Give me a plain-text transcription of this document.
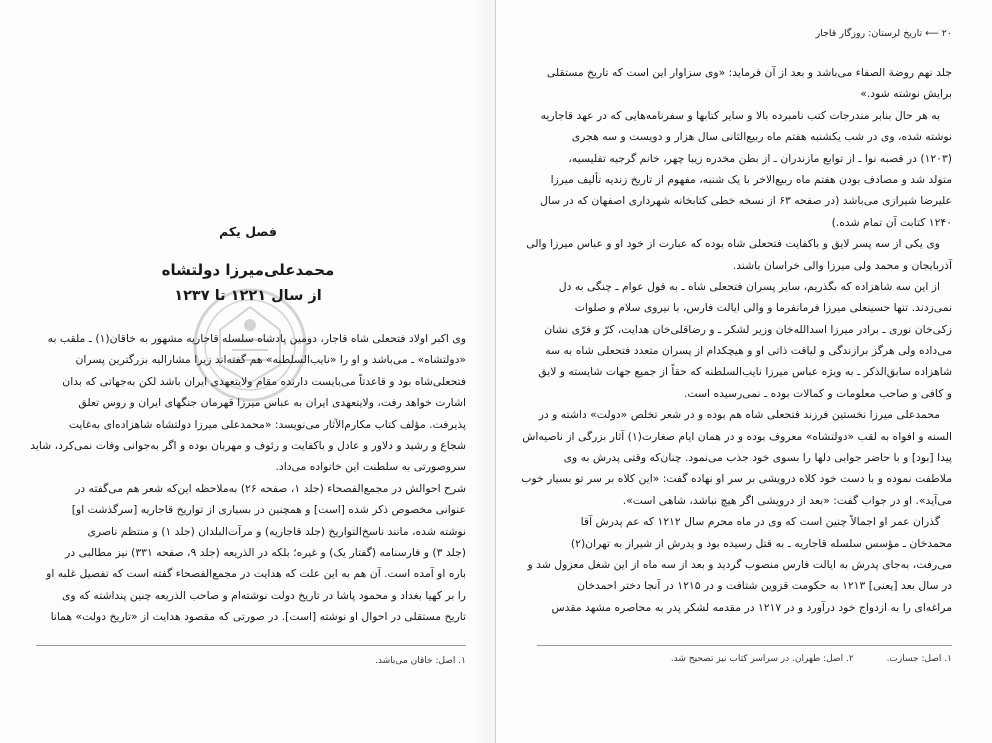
فصل یکم
محمدعلی‌میرزا دولتشاه
از سال ۱۲۲۱ تا ۱۲۳۷
وی اکبر اولاد فتحعلی شاه قاجار، دومین پادشاه سلسله قاجاریه مشهور به خاقان(۱) ـ ملقب به
«دولتشاه» ـ می‌باشد و او را «نایب‌السلطنه» هم گفته‌اند زیرا مشارالیه بزرگترین پسران
فتحعلی‌شاه بود و قاعدتاً می‌بایست دارنده مقام ولایتعهدی ایران باشد لکن به‌جهاتی که بدان
اشارت خواهد رفت، ولایتعهدی ایران به عباس میرزا قهرمان جنگهای ایران و روس تعلق
پذیرفت. مؤلف کتاب مکارم‌الآثار می‌نویسد: «محمدعلی میرزا دولتشاه شاهزاده‌ای به‌غایت
شجاع و رشید و دلاور و عادل و باکفایت و رئوف و مهربان بوده و اگر به‌جوانی وفات نمی‌کرد، شاید
سروصورتی به سلطنت این خانواده می‌داد.
شرح احوالش در مجمع‌الفصحاء (جلد ۱، صفحه ۲۶) به‌ملاحظه این‌که شعر هم می‌گفته در
عنوانی مخصوص ذکر شده [است] و همچنین در بسیاری از تواریخ قاجاریه [سرگذشت او]
نوشته شده، مانند ناسخ‌التواریخ (جلد قاجاریه) و مرآت‌البلدان (جلد ۱) و منتظم ناصری
(جلد ۳) و فارسنامه (گفتار یک) و غیره؛ بلکه در الذریعه (جلد ۹، صفحه ۳۳۱) نیز مطالبی در
باره او آمده است. آن هم به این علت که هدایت در مجمع‌الفصحاء گفته است که تفصیل غلبه او
را بر کهیا بغداد و محمود پاشا در تاریخ دولت نوشته‌ام و صاحب الذریعه چنین پنداشته که وی
تاریخ مستقلی در احوال او نوشته [است]. در صورتی که مقصود هدایت از «تاریخ دولت» همانا
۱. اصل: خاقان می‌باشد.
۲۰ ⟵ تاریخ لرستان: روزگار قاجار
جلد نهم روضة الصفاء می‌باشد و بعد از آن فرماید: «وی سزاوار این است که تاریخ مستقلی
برایش نوشته شود.»
به هر حال بنابر مندرجات کتب نامبرده بالا و سایر کتابها و سفرنامه‌هایی که در عهد قاجاریه
نوشته شده، وی در شب یکشنبه هفتم ماه ربیع‌الثانی سال هزار و دویست و سه هجری
(۱۲۰۳) در قصبه نوا ـ از توابع مازندران ـ از بطن مخدره زیبا چهر، خانم گرجیه تفلیسیه،
متولد شد و مصادف بودن هفتم ماه ربیع‌الاخر با یک شنبه، مفهوم از تاریخ زندیه تألیف میرزا
علیرضا شیرازی می‌باشد (در صفحه ۶۳ از نسخه خطی کتابخانه شهرداری اصفهان که در سال
۱۲۴۰ کتابت آن تمام شده.)
وی یکی از سه پسر لایق و باکفایت فتحعلی شاه بوده که عبارت از خود او و عباس میرزا والی
آذربایجان و محمد ولی میرزا والی خراسان باشند.
از این سه شاهزاده که بگذریم، سایر پسران فتحعلی شاه ـ به قول عوام ـ چنگی به دل
نمی‌زدند. تنها حسینعلی میرزا فرمانفرما و والی ایالت فارس، با نیروی سلام و صلوات
زکی‌خان نوری ـ برادر میرزا اسدالله‌خان وزیر لشکر ـ و رضاقلی‌خان هدایت، کرّ و فرّی نشان
می‌داده ولی هرگز برازندگی و لیاقت ذاتی او و هیچکدام از پسران متعدد فتحعلی شاه به سه
شاهزاده سابق‌الذکر ـ به ویژه عباس میرزا نایب‌السلطنه که حقاً از جمیع جهات شایسته و لایق
و کافی و صاحب معلومات و کمالات بوده ـ نمی‌رسیده است.
محمدعلی میرزا نخستین فرزند فتحعلی شاه هم بوده و در شعر تخلص «دولت» داشته و در
السنه و افواه به لقب «دولتشاه» معروف بوده و در همان ایام صغارت(۱) آثار بزرگی از ناصیه‌اش
پیدا [بود] و با حاضر جوابی دلها را بسوی خود جذب می‌نمود. چنان‌که وقتی پدرش به وی
ملاطفت نموده و با دست خود کلاه درویشی بر سر او نهاده گفت: «این کلاه بر سر تو بسیار خوب
می‌آید». او در جواب گفت: «بعد از درویشی اگر هیچ نباشد، شاهی است».
گذران عمر او اجمالاً چنین است که وی در ماه محرم سال ۱۲۱۲ که عم پدرش آقا
محمدخان ـ مؤسس سلسله قاجاریه ـ به قتل رسیده بود و پدرش از شیراز به تهران(۲)
می‌رفت، به‌جای پدرش به ایالت فارس منصوب گردید و بعد از سه ماه از این شغل معزول شد و
در سال بعد [یعنی] ۱۲۱۳ به حکومت قزوین شتافت و در ۱۲۱۵ در آنجا دختر احمدخان
مراغه‌ای را به ازدواج خود درآورد و در ۱۲۱۷ در مقدمه لشکر پدر به محاصره مشهد مقدس
۱. اصل: جسارت. ۲. اصل: طهران. در سراسر کتاب نیز تصحیح شد.
